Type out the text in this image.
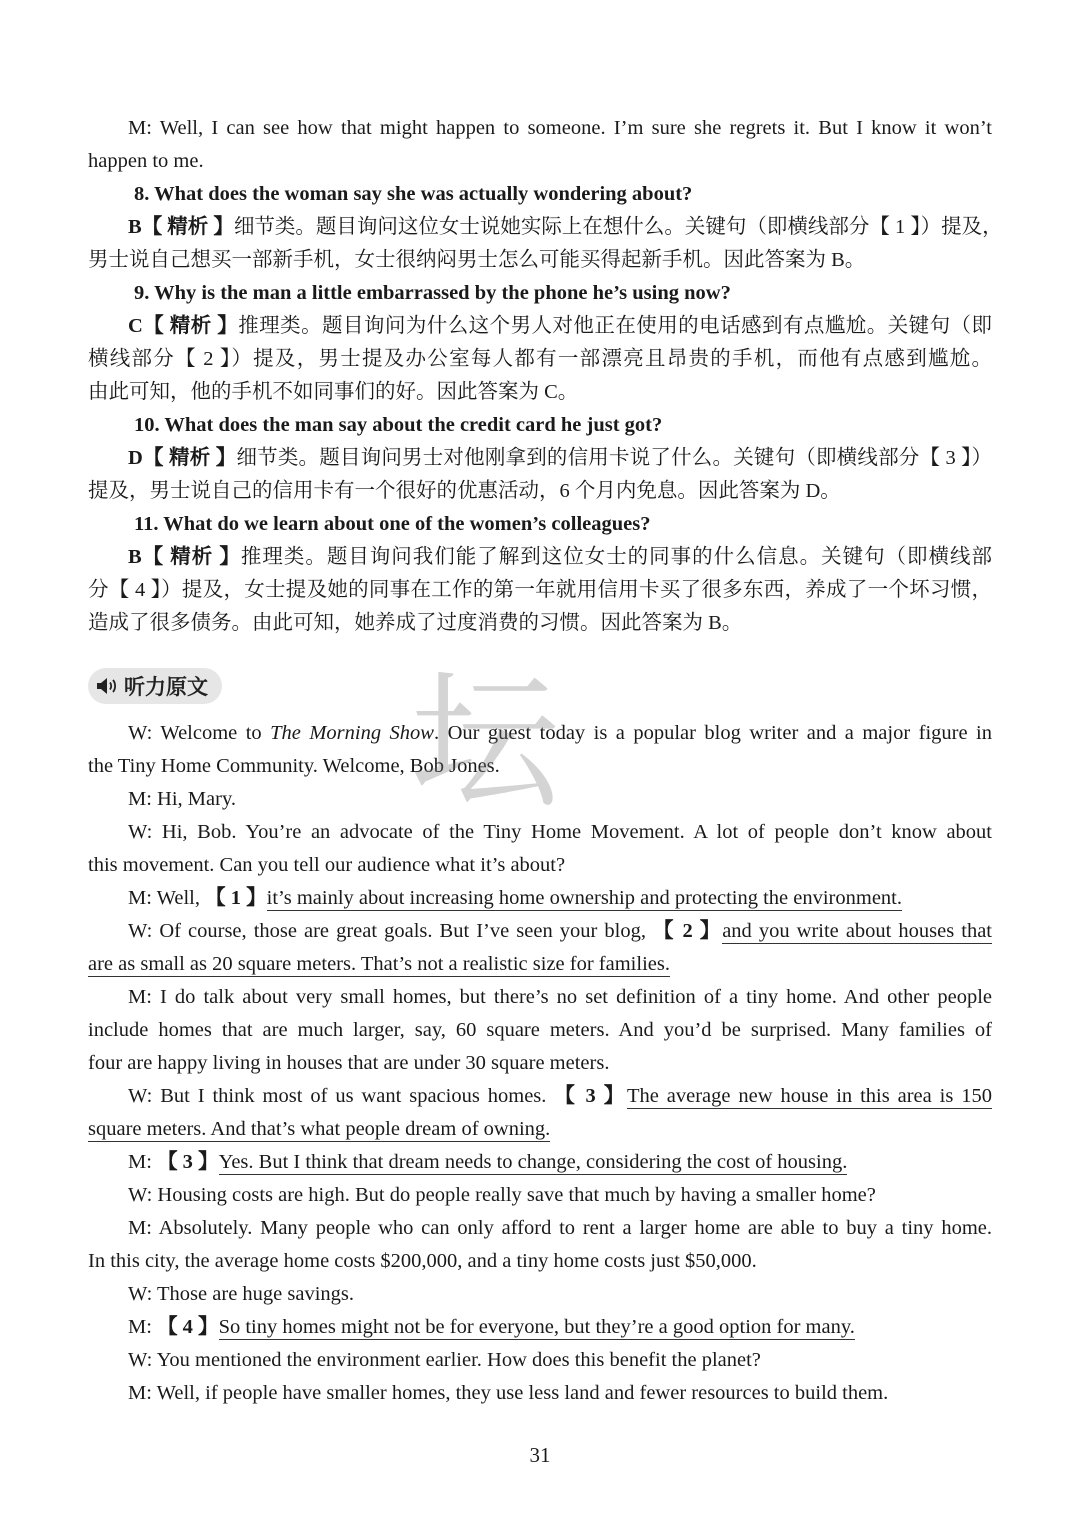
M: Well, I can see how that might happen to someone. I’m sure she regrets it. But I know it won’t
happen to me.
8. What does the woman say she was actually wondering about?
B【 精析 】细节类。题目询问这位女士说她实际上在想什么。关键句（即横线部分【 1 】）提及，
男士说自己想买一部新手机，女士很纳闷男士怎么可能买得起新手机。因此答案为 B。
9. Why is the man a little embarrassed by the phone he’s using now?
C【 精析 】推理类。题目询问为什么这个男人对他正在使用的电话感到有点尴尬。关键句（即
横线部分【 2 】）提及，男士提及办公室每人都有一部漂亮且昂贵的手机，而他有点感到尴尬。
由此可知，他的手机不如同事们的好。因此答案为 C。
10. What does the man say about the credit card he just got?
D【 精析 】细节类。题目询问男士对他刚拿到的信用卡说了什么。关键句（即横线部分【 3 】）
提及，男士说自己的信用卡有一个很好的优惠活动，6 个月内免息。因此答案为 D。
11. What do we learn about one of the women’s colleagues?
B【 精析 】推理类。题目询问我们能了解到这位女士的同事的什么信息。关键句（即横线部
分【 4 】）提及，女士提及她的同事在工作的第一年就用信用卡买了很多东西，养成了一个坏习惯，
造成了很多债务。由此可知，她养成了过度消费的习惯。因此答案为 B。
听力原文
W: Welcome to The Morning Show. Our guest today is a popular blog writer and a major figure in
the Tiny Home Community. Welcome, Bob Jones.
M: Hi, Mary.
W: Hi, Bob. You’re an advocate of the Tiny Home Movement. A lot of people don’t know about
this movement. Can you tell our audience what it’s about?
M: Well, 【 1 】it’s mainly about increasing home ownership and protecting the environment.
W: Of course, those are great goals. But I’ve seen your blog, 【 2 】and you write about houses that
are as small as 20 square meters. That’s not a realistic size for families.
M: I do talk about very small homes, but there’s no set definition of a tiny home. And other people
include homes that are much larger, say, 60 square meters. And you’d be surprised. Many families of
four are happy living in houses that are under 30 square meters.
W: But I think most of us want spacious homes. 【 3 】The average new house in this area is 150
square meters. And that’s what people dream of owning.
M: 【 3 】Yes. But I think that dream needs to change, considering the cost of housing.
W: Housing costs are high. But do people really save that much by having a smaller home?
M: Absolutely. Many people who can only afford to rent a larger home are able to buy a tiny home.
In this city, the average home costs $200,000, and a tiny home costs just $50,000.
W: Those are huge savings.
M: 【 4 】So tiny homes might not be for everyone, but they’re a good option for many.
W: You mentioned the environment earlier. How does this benefit the planet?
M: Well, if people have smaller homes, they use less land and fewer resources to build them.
坛
31
